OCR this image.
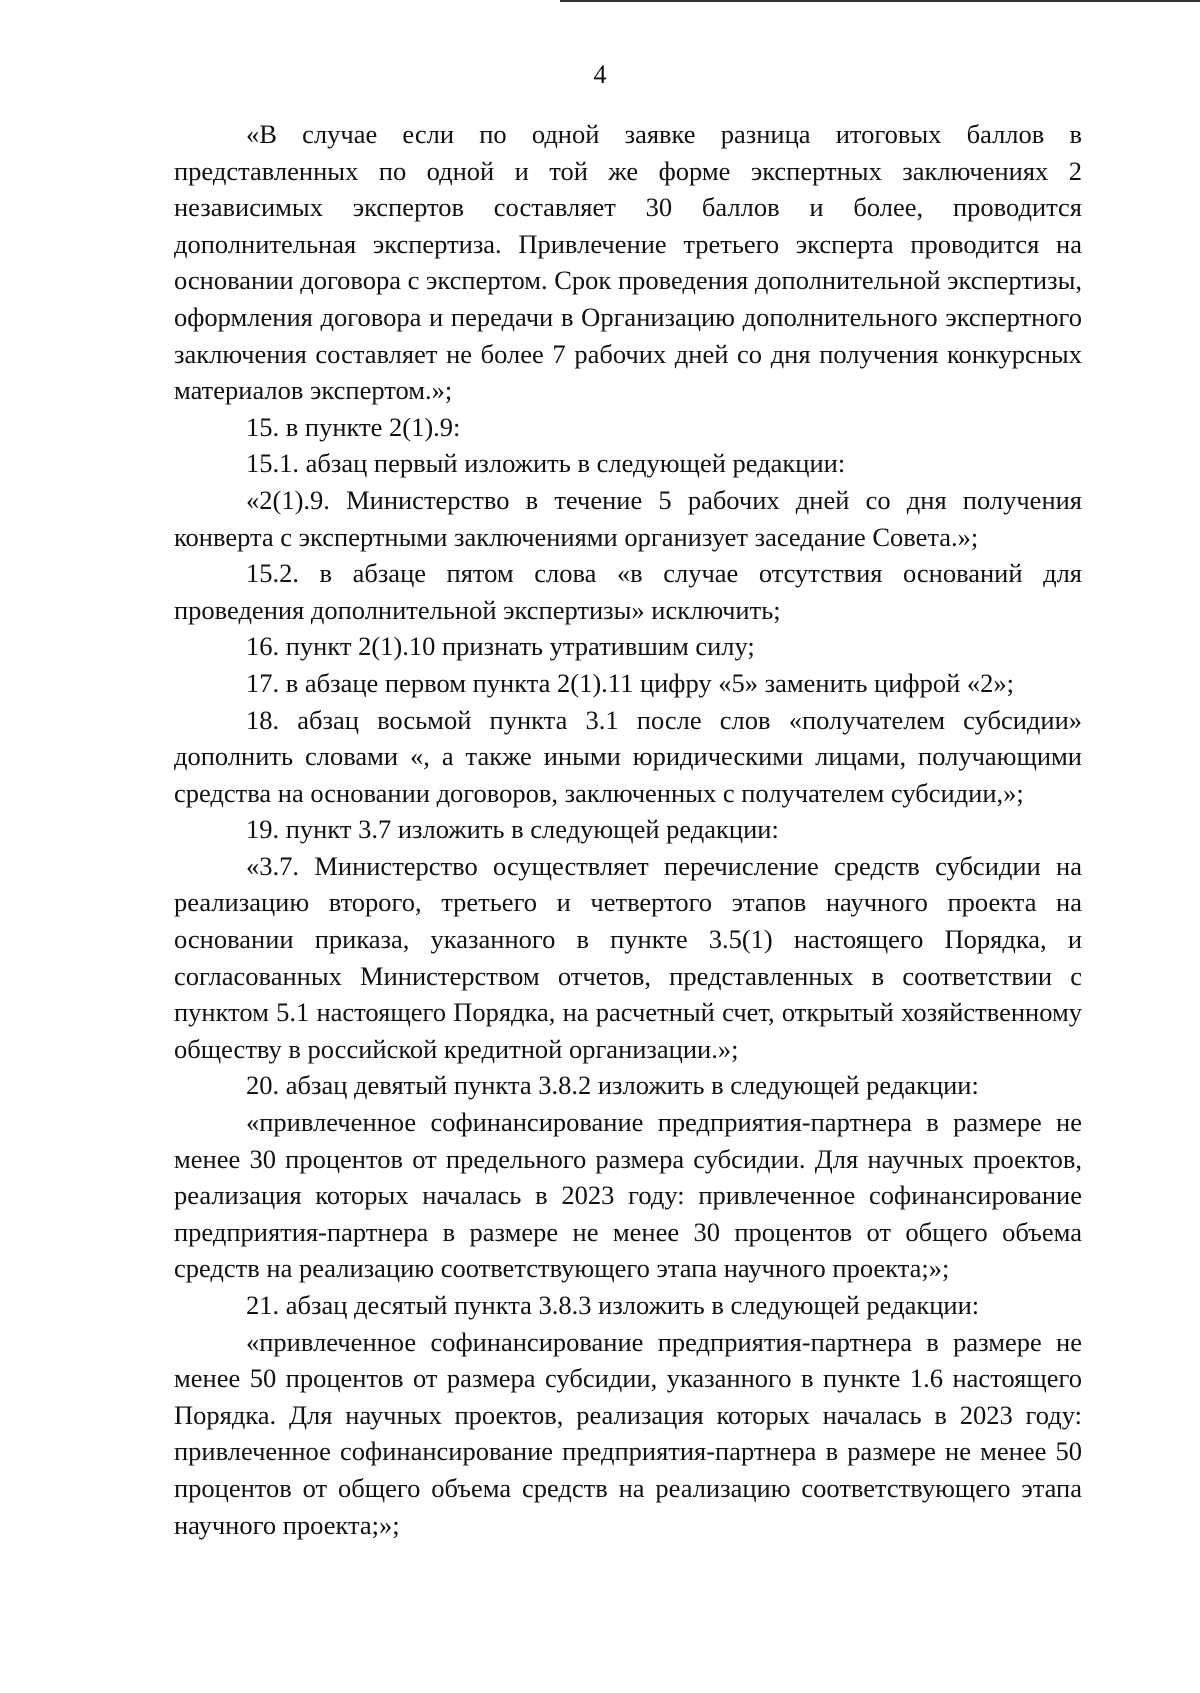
4

«В случае если по одной заявке разница итоговых баллов в представленных по одной и той же форме экспертных заключениях 2 независимых экспертов составляет 30 баллов и более, проводится дополнительная экспертиза. Привлечение третьего эксперта проводится на основании договора с экспертом. Срок проведения дополнительной экспертизы, оформления договора и передачи в Организацию дополнительного экспертного заключения составляет не более 7 рабочих дней со дня получения конкурсных материалов экспертом.»;

15. в пункте 2(1).9:

15.1. абзац первый изложить в следующей редакции:

«2(1).9. Министерство в течение 5 рабочих дней со дня получения конверта с экспертными заключениями организует заседание Совета.»;

15.2. в абзаце пятом слова «в случае отсутствия оснований для проведения дополнительной экспертизы» исключить;

16. пункт 2(1).10 признать утратившим силу;

17. в абзаце первом пункта 2(1).11 цифру «5» заменить цифрой «2»;

18. абзац восьмой пункта 3.1 после слов «получателем субсидии» дополнить словами «, а также иными юридическими лицами, получающими средства на основании договоров, заключенных с получателем субсидии,»;

19. пункт 3.7 изложить в следующей редакции:

«3.7. Министерство осуществляет перечисление средств субсидии на реализацию второго, третьего и четвертого этапов научного проекта на основании приказа, указанного в пункте 3.5(1) настоящего Порядка, и согласованных Министерством отчетов, представленных в соответствии с пунктом 5.1 настоящего Порядка, на расчетный счет, открытый хозяйственному обществу в российской кредитной организации.»;

20. абзац девятый пункта 3.8.2 изложить в следующей редакции:

«привлеченное софинансирование предприятия-партнера в размере не менее 30 процентов от предельного размера субсидии. Для научных проектов, реализация которых началась в 2023 году: привлеченное софинансирование предприятия-партнера в размере не менее 30 процентов от общего объема средств на реализацию соответствующего этапа научного проекта;»;

21. абзац десятый пункта 3.8.3 изложить в следующей редакции:

«привлеченное софинансирование предприятия-партнера в размере не менее 50 процентов от размера субсидии, указанного в пункте 1.6 настоящего Порядка. Для научных проектов, реализация которых началась в 2023 году: привлеченное софинансирование предприятия-партнера в размере не менее 50 процентов от общего объема средств на реализацию соответствующего этапа научного проекта;»;
